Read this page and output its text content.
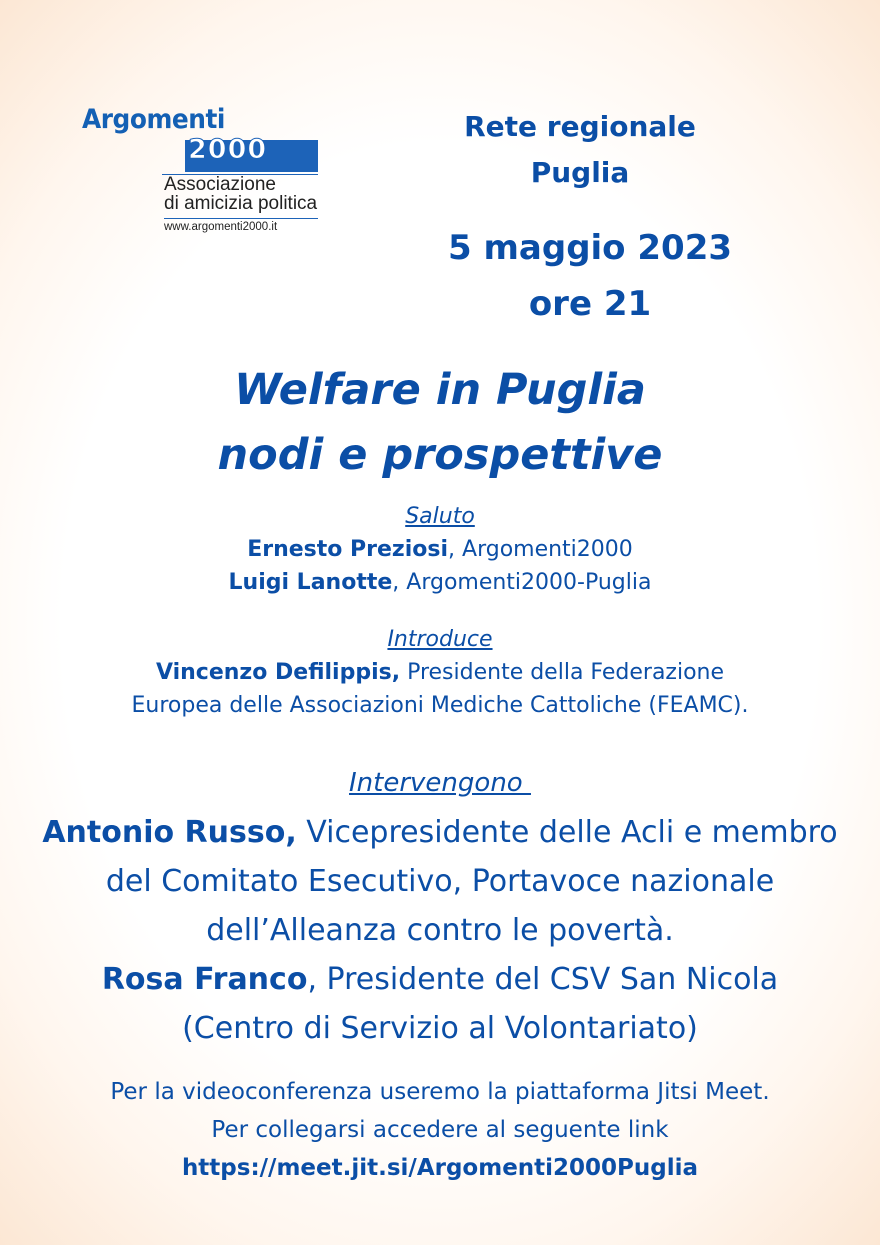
Argomenti
2000
Associazione
di amicizia politica
www.argomenti2000.it
Rete regionale
Puglia
5 maggio 2023
ore 21
Welfare in Puglia
nodi e prospettive
Saluto
Ernesto Preziosi, Argomenti2000
Luigi Lanotte, Argomenti2000-Puglia
Introduce
Vincenzo Defilippis, Presidente della Federazione
Europea delle Associazioni Mediche Cattoliche (FEAMC).
Intervengono
Antonio Russo, Vicepresidente delle Acli e membro
del Comitato Esecutivo, Portavoce nazionale
dell’Alleanza contro le povertà.
Rosa Franco, Presidente del CSV San Nicola
(Centro di Servizio al Volontariato)
Per la videoconferenza useremo la piattaforma Jitsi Meet.
Per collegarsi accedere al seguente link
https://meet.jit.si/Argomenti2000Puglia
